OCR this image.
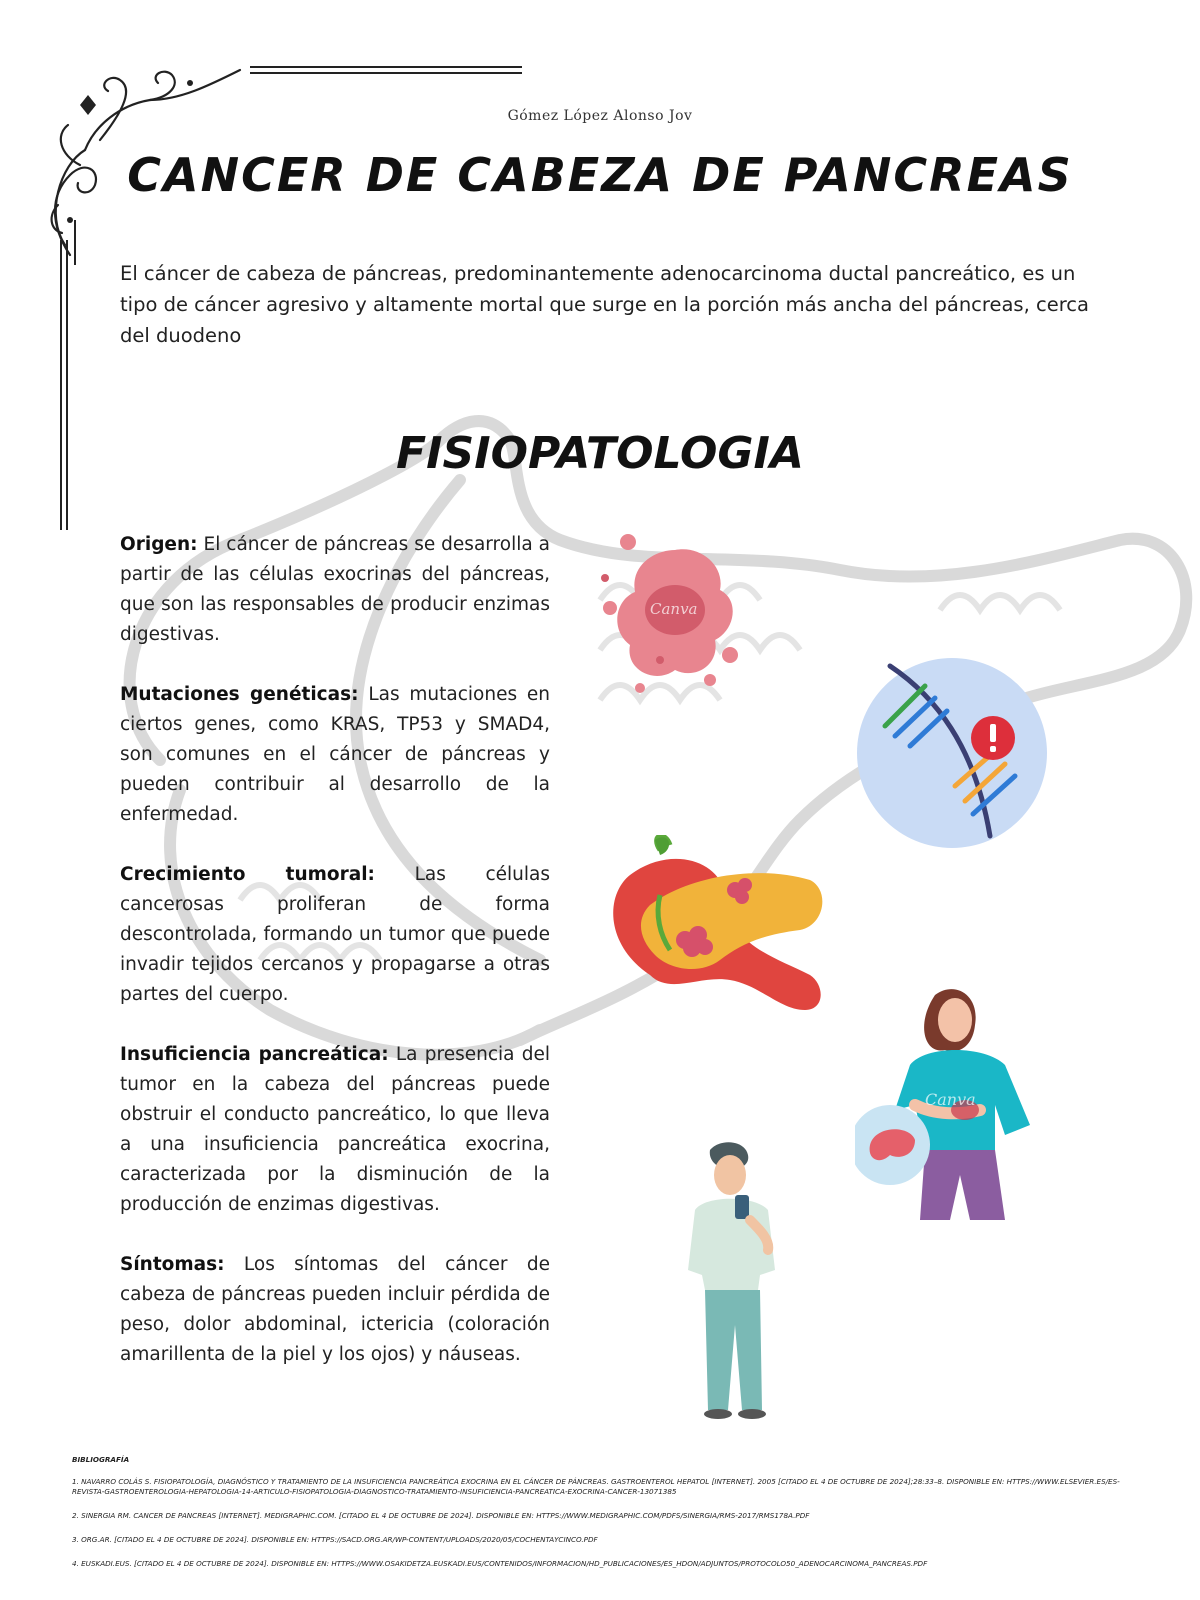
Gómez López Alonso Jov
CANCER DE CABEZA DE PANCREAS
El cáncer de cabeza de páncreas, predominantemente adenocarcinoma ductal pancreático, es un tipo de cáncer agresivo y altamente mortal que surge en la porción más ancha del páncreas, cerca del duodeno
FISIOPATOLOGIA
Origen: El cáncer de páncreas se desarrolla a partir de las células exocrinas del páncreas, que son las responsables de producir enzimas digestivas.
Mutaciones genéticas: Las mutaciones en ciertos genes, como KRAS, TP53 y SMAD4, son comunes en el cáncer de páncreas y pueden contribuir al desarrollo de la enfermedad.
Crecimiento tumoral: Las células cancerosas proliferan de forma descontrolada, formando un tumor que puede invadir tejidos cercanos y propagarse a otras partes del cuerpo.
Insuficiencia pancreática: La presencia del tumor en la cabeza del páncreas puede obstruir el conducto pancreático, lo que lleva a una insuficiencia pancreática exocrina, caracterizada por la disminución de la producción de enzimas digestivas.
Síntomas: Los síntomas del cáncer de cabeza de páncreas pueden incluir pérdida de peso, dolor abdominal, ictericia (coloración amarillenta de la piel y los ojos) y náuseas.
Canva
Canva
BIBLIOGRAFÍA
1. NAVARRO COLÁS S. FISIOPATOLOGÍA, DIAGNÓSTICO Y TRATAMIENTO DE LA INSUFICIENCIA PANCREÁTICA EXOCRINA EN EL CÁNCER DE PÁNCREAS. GASTROENTEROL HEPATOL [INTERNET]. 2005 [CITADO EL 4 DE OCTUBRE DE 2024];28:33–8. DISPONIBLE EN: HTTPS://WWW.ELSEVIER.ES/ES-REVISTA-GASTROENTEROLOGIA-HEPATOLOGIA-14-ARTICULO-FISIOPATOLOGIA-DIAGNOSTICO-TRATAMIENTO-INSUFICIENCIA-PANCREATICA-EXOCRINA-CANCER-13071385
2. SINERGIA RM. CANCER DE PANCREAS [INTERNET]. MEDIGRAPHIC.COM. [CITADO EL 4 DE OCTUBRE DE 2024]. DISPONIBLE EN: HTTPS://WWW.MEDIGRAPHIC.COM/PDFS/SINERGIA/RMS-2017/RMS178A.PDF
3. ORG.AR. [CITADO EL 4 DE OCTUBRE DE 2024]. DISPONIBLE EN: HTTPS://SACD.ORG.AR/WP-CONTENT/UPLOADS/2020/05/COCHENTAYCINCO.PDF
4. EUSKADI.EUS. [CITADO EL 4 DE OCTUBRE DE 2024]. DISPONIBLE EN: HTTPS://WWW.OSAKIDETZA.EUSKADI.EUS/CONTENIDOS/INFORMACION/HD_PUBLICACIONES/ES_HDON/ADJUNTOS/PROTOCOLO50_ADENOCARCINOMA_PANCREAS.PDF
